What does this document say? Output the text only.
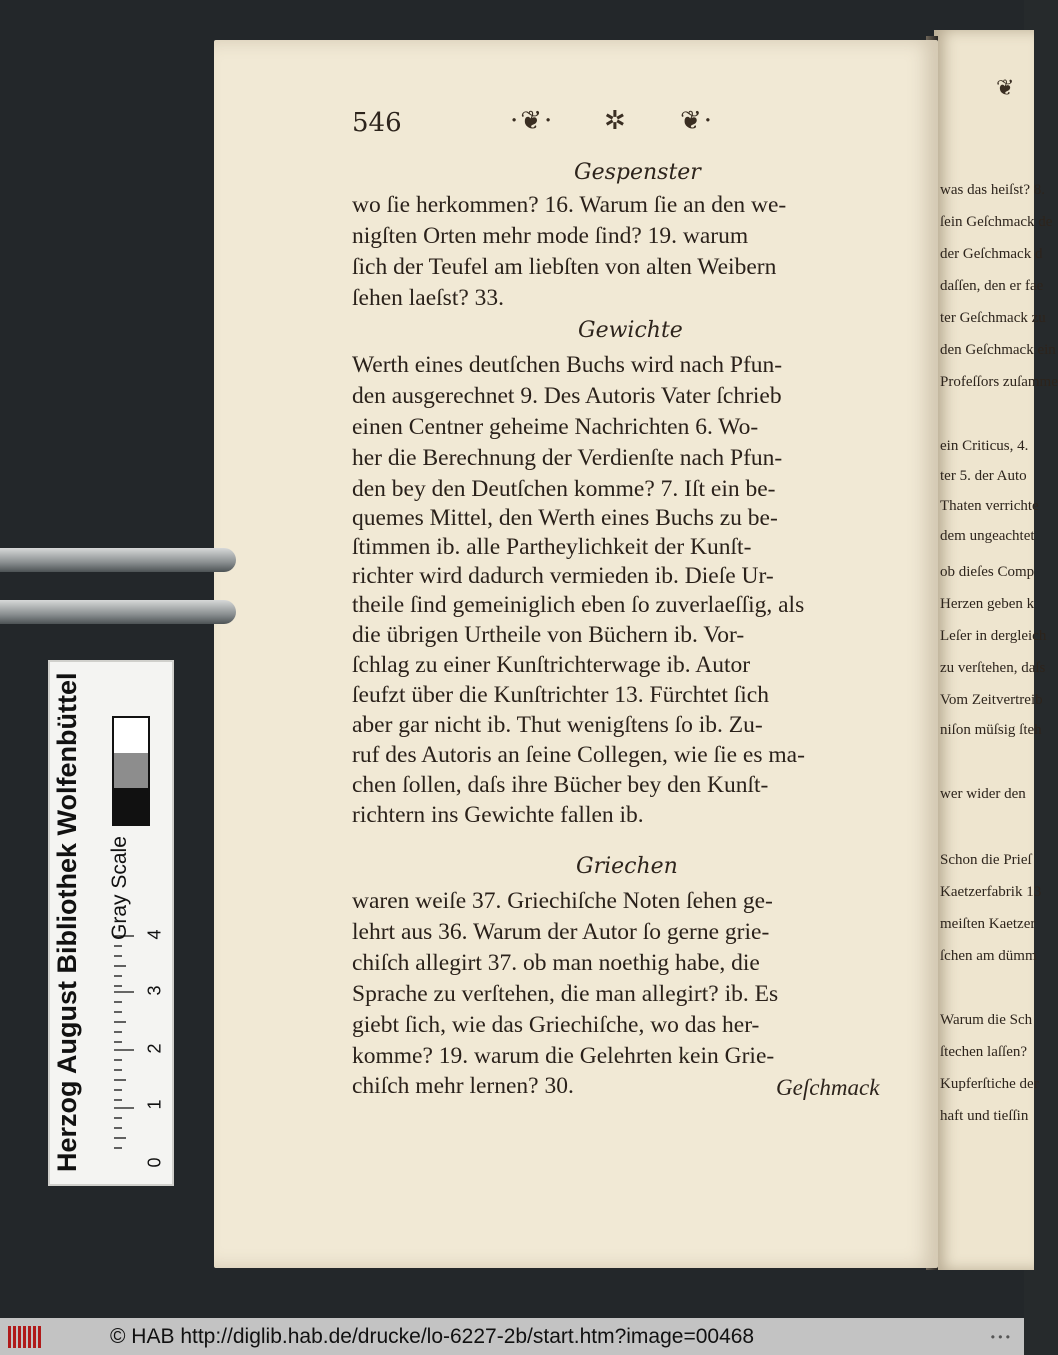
546	·❦· ✲ ❦·
Gespenster
wo ſie herkommen? 16. Warum ſie an den we-
nigſten Orten mehr mode ſind? 19. warum
ſich der Teufel am liebſten von alten Weibern
ſehen laeſst? 33.
Gewichte
Werth eines deutſchen Buchs wird nach Pfun-
den ausgerechnet 9. Des Autoris Vater ſchrieb
einen Centner geheime Nachrichten 6. Wo-
her die Berechnung der Verdienſte nach Pfun-
den bey den Deutſchen komme? 7. Iſt ein be-
quemes Mittel, den Werth eines Buchs zu be-
ſtimmen ib. alle Partheylichkeit der Kunſt-
richter wird dadurch vermieden ib. Dieſe Ur-
theile ſind gemeiniglich eben ſo zuverlaeſſig, als
die übrigen Urtheile von Büchern ib. Vor-
ſchlag zu einer Kunſtrichterwage ib. Autor
ſeufzt über die Kunſtrichter 13. Fürchtet ſich
aber gar nicht ib. Thut wenigſtens ſo ib. Zu-
ruf des Autoris an ſeine Collegen, wie ſie es ma-
chen ſollen, daſs ihre Bücher bey den Kunſt-
richtern ins Gewichte fallen ib.
Griechen
waren weiſe 37. Griechiſche Noten ſehen ge-
lehrt aus 36. Warum der Autor ſo gerne grie-
chiſch allegirt 37. ob man noethig habe, die
Sprache zu verſtehen, die man allegirt? ib. Es
giebt ſich, wie das Griechiſche, wo das her-
komme? 19. warum die Gelehrten kein Grie-
chiſch mehr lernen? 30.	Geſchmack
❦
was das heiſst? 8.
ſein Geſchmack de
der Geſchmack d
daſſen, den er fae
ter Geſchmack zu
den Geſchmack ein
Profeſſors zuſamme
ein Criticus, 4.
ter 5. der Auto
Thaten verrichte
dem ungeachtet
ob dieſes Comp
Herzen geben k
Leſer in dergleich
zu verſtehen, daſs
Vom Zeitvertreib
niſon müſsig ſteh
wer wider den
Schon die Prieſ
Kaetzerfabrik 13
meiſten Kaetzer
ſchen am dümm
Warum die Sch
ſtechen laſſen?
Kupferſtiche der
haft und tieſſin
Herzog August Bibliothek Wolfenbüttel Gray Scale
0
1
2
3
4
© HAB http://diglib.hab.de/drucke/lo-6227-2b/start.htm?image=00468	• • •
